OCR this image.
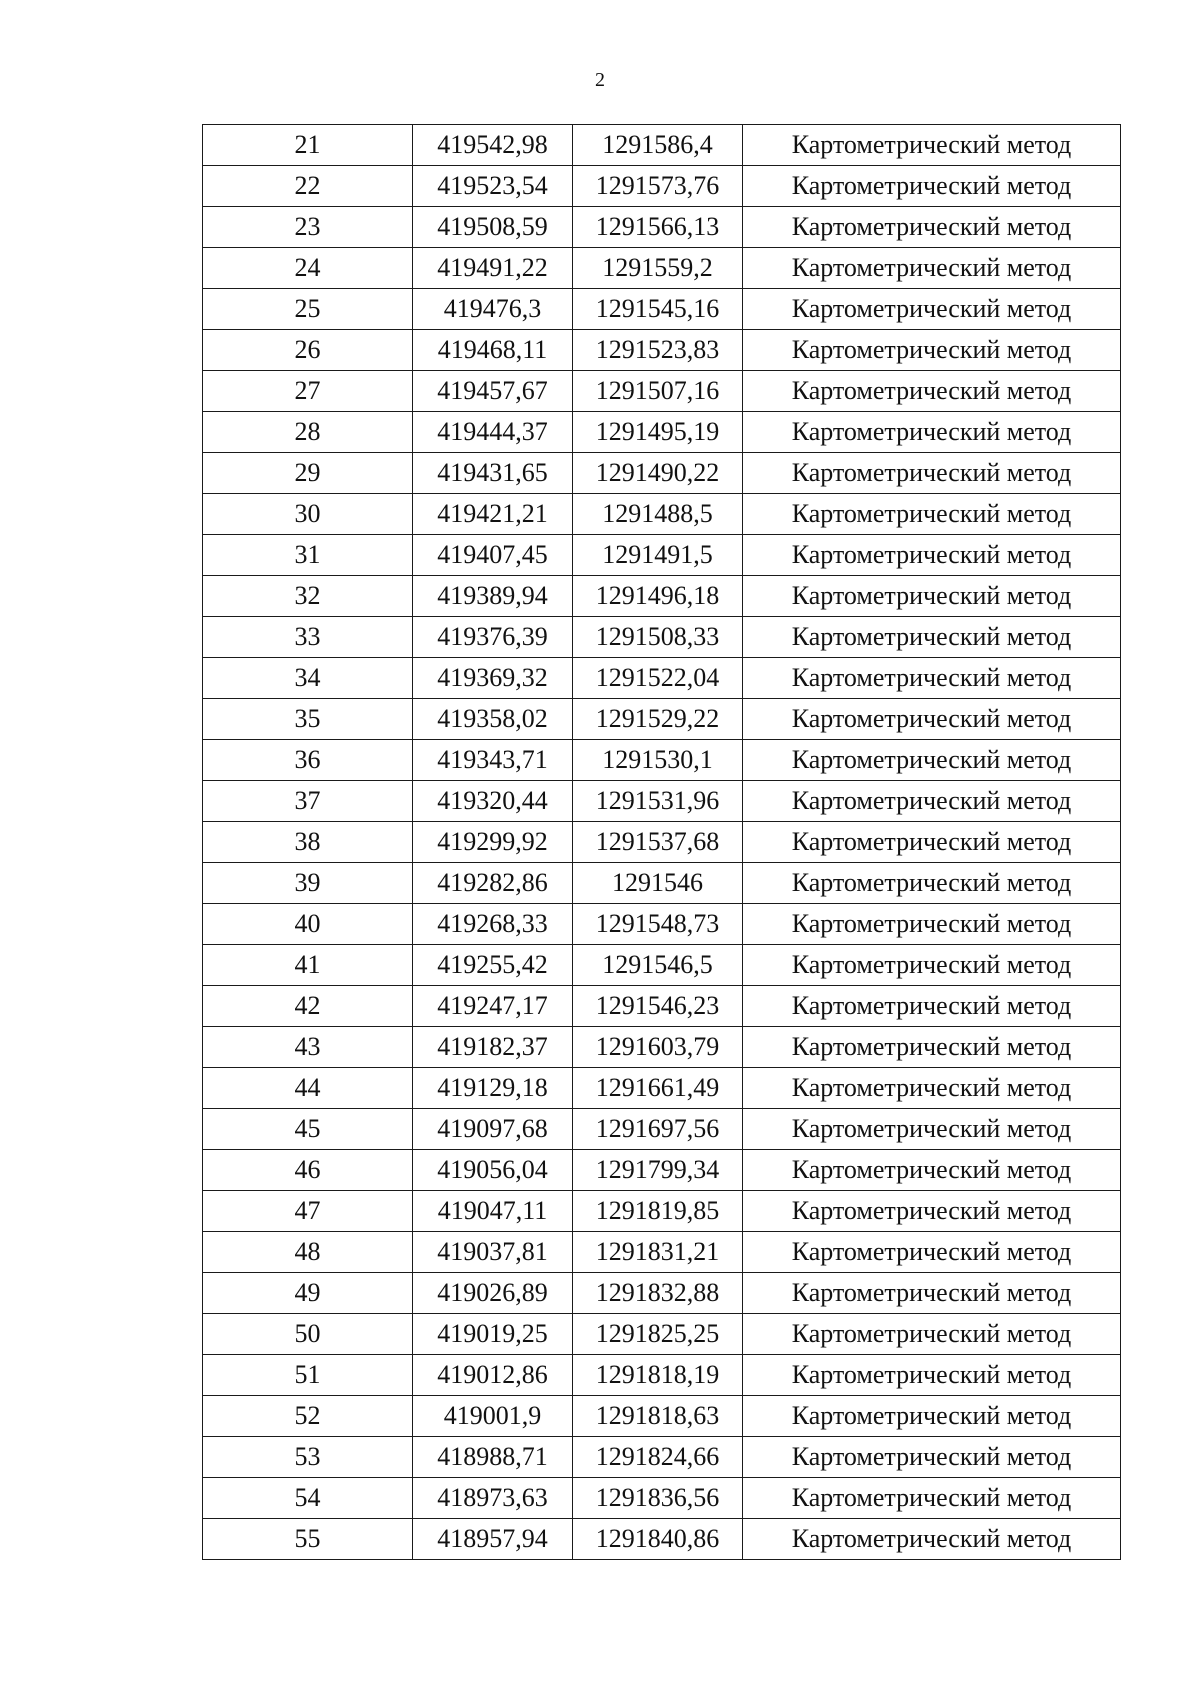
2
21	419542,98	1291586,4	Картометрический метод
22	419523,54	1291573,76	Картометрический метод
23	419508,59	1291566,13	Картометрический метод
24	419491,22	1291559,2	Картометрический метод
25	419476,3	1291545,16	Картометрический метод
26	419468,11	1291523,83	Картометрический метод
27	419457,67	1291507,16	Картометрический метод
28	419444,37	1291495,19	Картометрический метод
29	419431,65	1291490,22	Картометрический метод
30	419421,21	1291488,5	Картометрический метод
31	419407,45	1291491,5	Картометрический метод
32	419389,94	1291496,18	Картометрический метод
33	419376,39	1291508,33	Картометрический метод
34	419369,32	1291522,04	Картометрический метод
35	419358,02	1291529,22	Картометрический метод
36	419343,71	1291530,1	Картометрический метод
37	419320,44	1291531,96	Картометрический метод
38	419299,92	1291537,68	Картометрический метод
39	419282,86	1291546	Картометрический метод
40	419268,33	1291548,73	Картометрический метод
41	419255,42	1291546,5	Картометрический метод
42	419247,17	1291546,23	Картометрический метод
43	419182,37	1291603,79	Картометрический метод
44	419129,18	1291661,49	Картометрический метод
45	419097,68	1291697,56	Картометрический метод
46	419056,04	1291799,34	Картометрический метод
47	419047,11	1291819,85	Картометрический метод
48	419037,81	1291831,21	Картометрический метод
49	419026,89	1291832,88	Картометрический метод
50	419019,25	1291825,25	Картометрический метод
51	419012,86	1291818,19	Картометрический метод
52	419001,9	1291818,63	Картометрический метод
53	418988,71	1291824,66	Картометрический метод
54	418973,63	1291836,56	Картометрический метод
55	418957,94	1291840,86	Картометрический метод
